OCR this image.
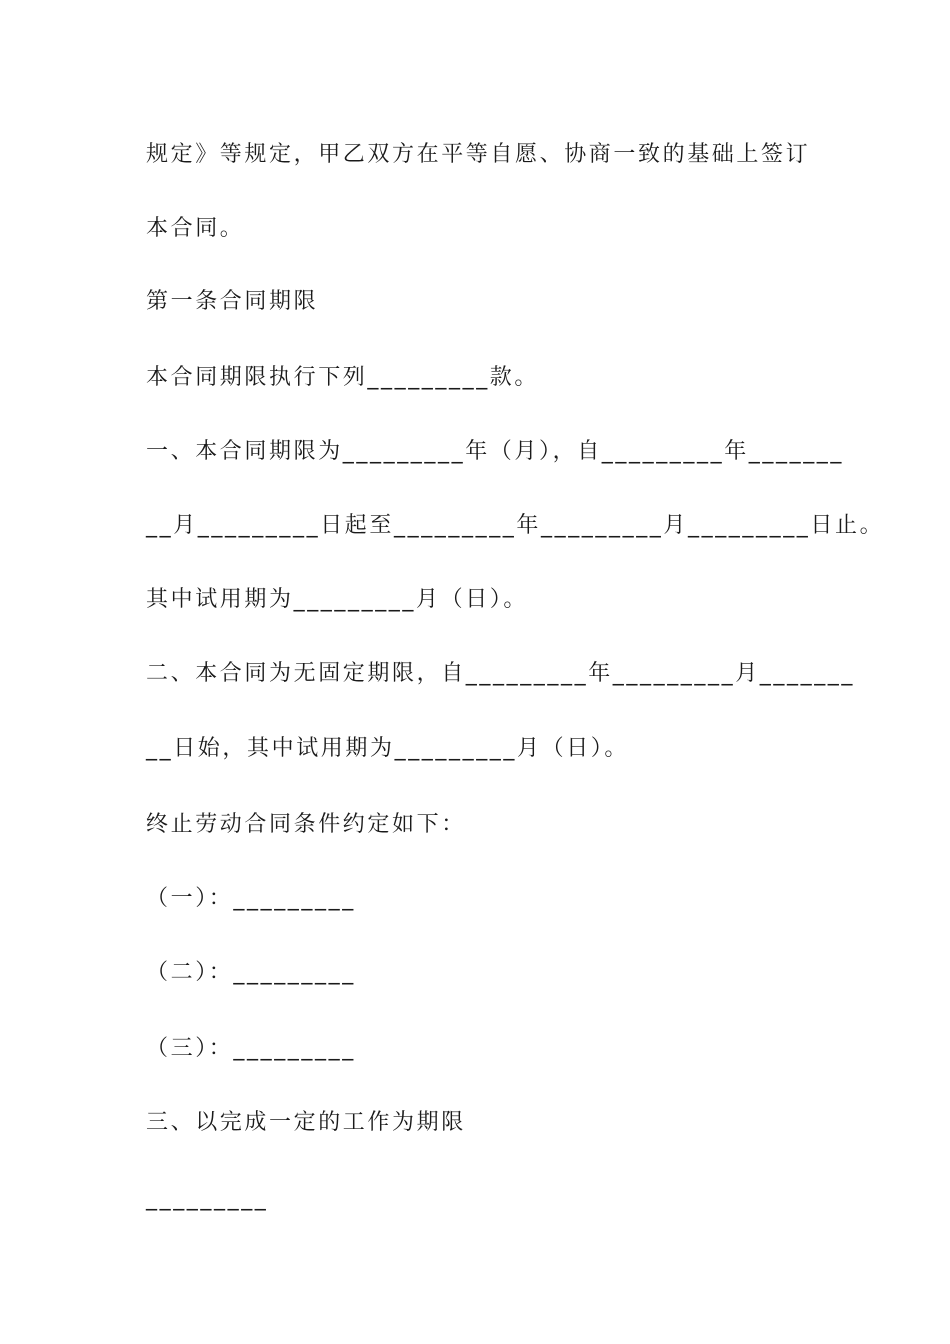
规定》等规定，甲乙双方在平等自愿、协商一致的基础上签订
本合同。
第一条合同期限
本合同期限执行下列_________款。
一、本合同期限为_________年（月），自_________年_______
__月_________日起至_________年_________月_________日止。
其中试用期为_________月（日）。
二、本合同为无固定期限，自_________年_________月_______
__日始，其中试用期为_________月（日）。
终止劳动合同条件约定如下：
（一）：_________
（二）：_________
（三）：_________
三、以完成一定的工作为期限
_________
